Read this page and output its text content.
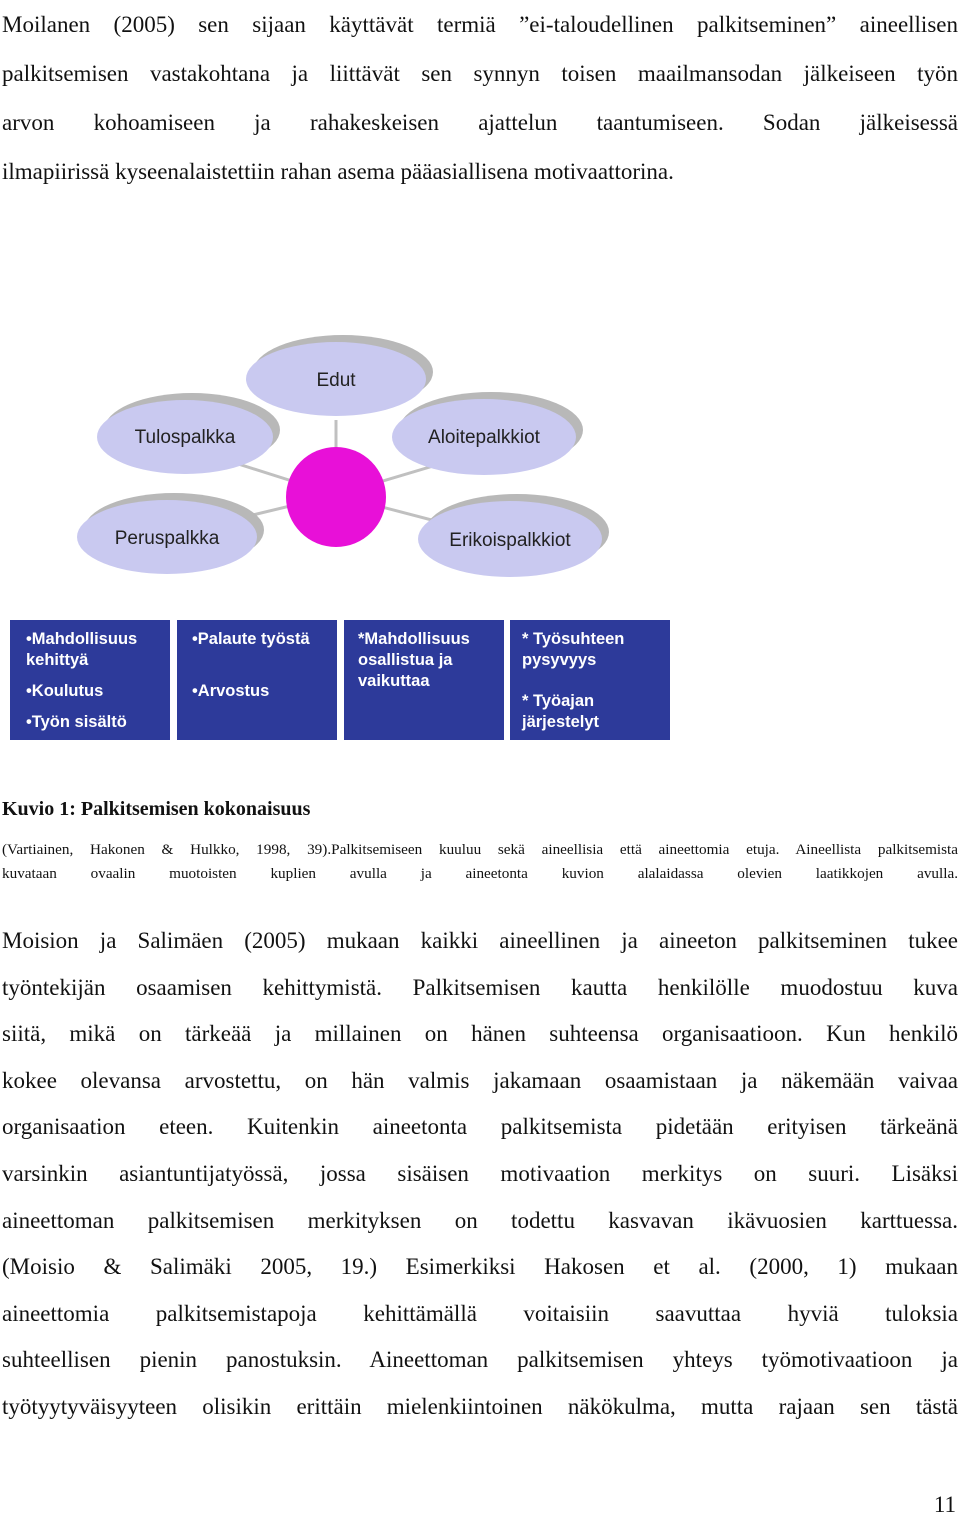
Moilanen (2005) sen sijaan käyttävät termiä ”ei-taloudellinen palkitseminen” aineellisen
palkitsemisen vastakohtana ja liittävät sen synnyn toisen maailmansodan jälkeiseen työn
arvon kohoamiseen ja rahakeskeisen ajattelun taantumiseen. Sodan jälkeisessä
ilmapiirissä kyseenalaistettiin rahan asema pääasiallisena motivaattorina.
Edut
Tulospalkka	Aloitepalkkiot
Peruspalkka	Erikoispalkkiot
•Mahdollisuus
kehittyä
•Koulutus
•Työn sisältö
•Palaute työstä
•Arvostus
*Mahdollisuus
osallistua ja
vaikuttaa
* Työsuhteen
pysyvyys
* Työajan
järjestelyt

Kuvio 1: Palkitsemisen kokonaisuus

(Vartiainen, Hakonen & Hulkko, 1998, 39).Palkitsemiseen kuuluu sekä aineellisia että aineettomia etuja. Aineellista palkitsemista
kuvataan ovaalin muotoisten kuplien avulla ja aineetonta kuvion alalaidassa olevien laatikkojen avulla.
Moision ja Salimäen (2005) mukaan kaikki aineellinen ja aineeton palkitseminen tukee
työntekijän osaamisen kehittymistä. Palkitsemisen kautta henkilölle muodostuu kuva
siitä, mikä on tärkeää ja millainen on hänen suhteensa organisaatioon. Kun henkilö
kokee olevansa arvostettu, on hän valmis jakamaan osaamistaan ja näkemään vaivaa
organisaation eteen. Kuitenkin aineetonta palkitsemista pidetään erityisen tärkeänä
varsinkin asiantuntijatyössä, jossa sisäisen motivaation merkitys on suuri. Lisäksi
aineettoman palkitsemisen merkityksen on todettu kasvavan ikävuosien karttuessa.
(Moisio & Salimäki 2005, 19.) Esimerkiksi Hakosen et al. (2000, 1) mukaan
aineettomia palkitsemistapoja kehittämällä voitaisiin saavuttaa hyviä tuloksia
suhteellisen pienin panostuksin. Aineettoman palkitsemisen yhteys työmotivaatioon ja
työtyytyväisyyteen olisikin erittäin mielenkiintoinen näkökulma, mutta rajaan sen tästä
11
